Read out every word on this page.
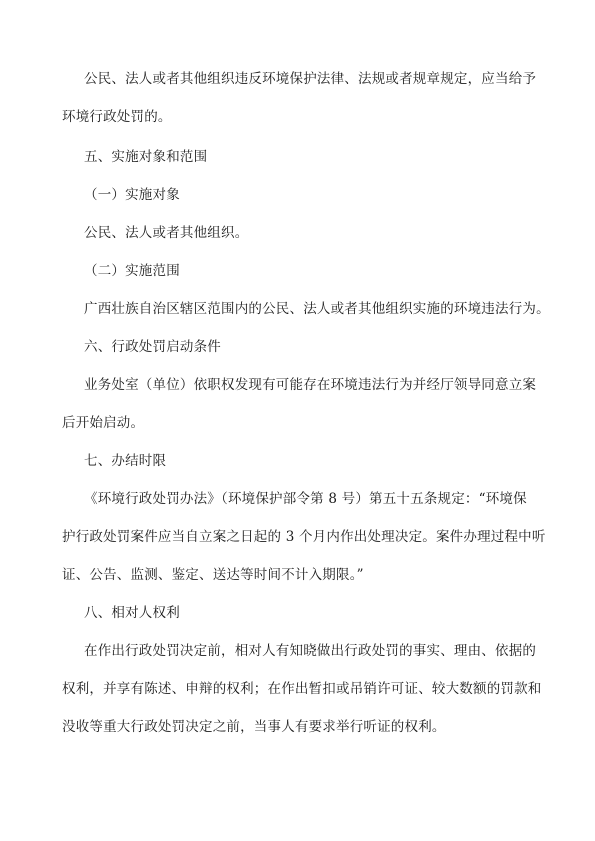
公民、法人或者其他组织违反环境保护法律、法规或者规章规定，应当给予
环境行政处罚的。
五、实施对象和范围
（一）实施对象
公民、法人或者其他组织。
（二）实施范围
广西壮族自治区辖区范围内的公民、法人或者其他组织实施的环境违法行为。
六、行政处罚启动条件
业务处室（单位）依职权发现有可能存在环境违法行为并经厅领导同意立案
后开始启动。
七、办结时限
《环境行政处罚办法》（环境保护部令第 8 号）第五十五条规定：“环境保
护行政处罚案件应当自立案之日起的 3 个月内作出处理决定。案件办理过程中听
证、公告、监测、鉴定、送达等时间不计入期限。”
八、相对人权利
在作出行政处罚决定前，相对人有知晓做出行政处罚的事实、理由、依据的
权利，并享有陈述、申辩的权利；在作出暂扣或吊销许可证、较大数额的罚款和
没收等重大行政处罚决定之前，当事人有要求举行听证的权利。
